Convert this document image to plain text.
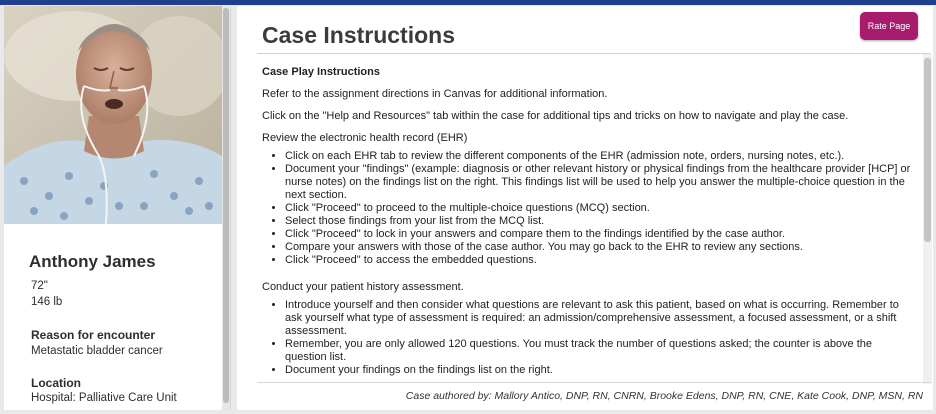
Anthony James
72"
146 lb
Reason for encounter
Metastatic bladder cancer
Location
Hospital: Palliative Care Unit
Case Instructions	Rate Page

Case Play Instructions

Refer to the assignment directions in Canvas for additional information.

Click on the "Help and Resources" tab within the case for additional tips and tricks on how to navigate and play the case.

Review the electronic health record (EHR)

• Click on each EHR tab to review the different components of the EHR (admission note, orders, nursing notes, etc.).
• Document your "findings" (example: diagnosis or other relevant history or physical findings from the healthcare provider [HCP] or nurse notes) on the findings list on the right. This findings list will be used to help you answer the multiple-choice question in the next section.
• Click "Proceed" to proceed to the multiple-choice questions (MCQ) section.
• Select those findings from your list from the MCQ list.
• Click "Proceed" to lock in your answers and compare them to the findings identified by the case author.
• Compare your answers with those of the case author. You may go back to the EHR to review any sections.
• Click "Proceed" to access the embedded questions.

Conduct your patient history assessment.

• Introduce yourself and then consider what questions are relevant to ask this patient, based on what is occurring. Remember to ask yourself what type of assessment is required: an admission/comprehensive assessment, a focused assessment, or a shift assessment.
• Remember, you are only allowed 120 questions. You must track the number of questions asked; the counter is above the question list.
• Document your findings on the findings list on the right.
Case authored by: Mallory Antico, DNP, RN, CNRN, Brooke Edens, DNP, RN, CNE, Kate Cook, DNP, MSN, RN
